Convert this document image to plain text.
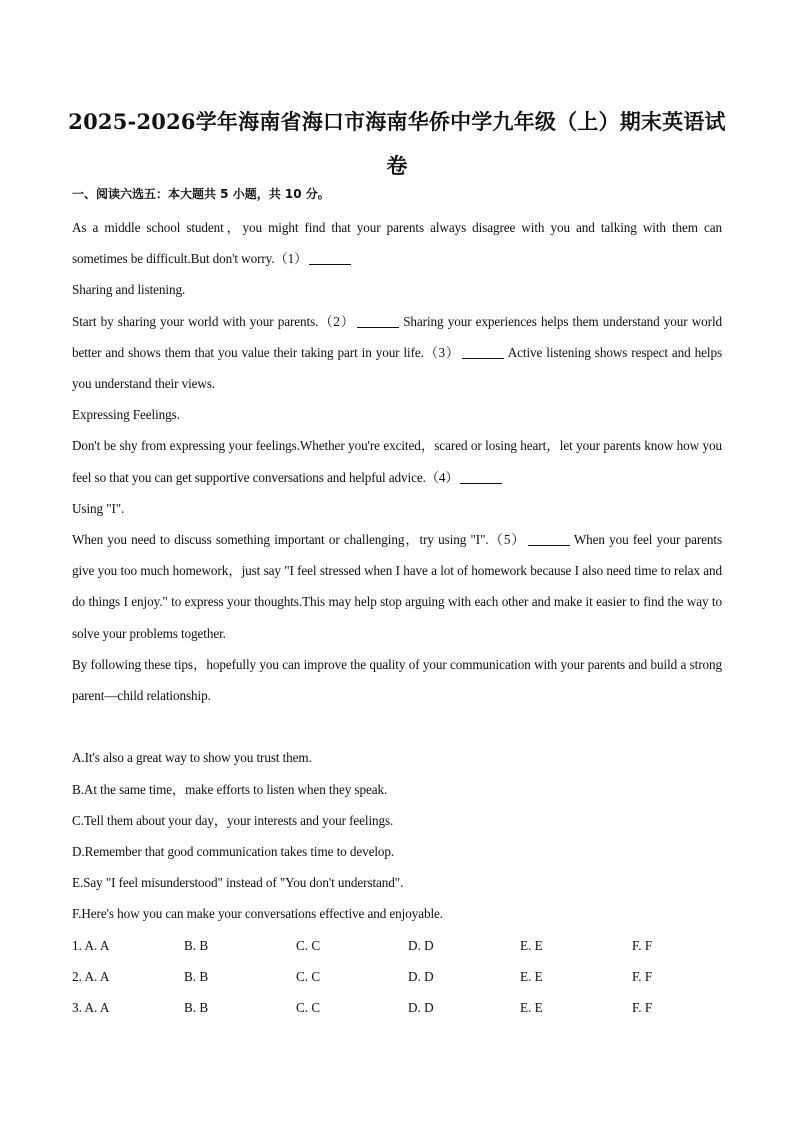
2025-2026学年海南省海口市海南华侨中学九年级（上）期末英语试
卷
一、阅读六选五：本大题共 5 小题，共 10 分。

As a middle school student，you might find that your parents always disagree with you and talking with them can sometimes be difficult.But don't worry.（1）

Sharing and listening.

Start by sharing your world with your parents.（2）	Sharing your experiences helps them understand your world better and shows them that you value their taking part in your life.（3）	Active listening shows respect and helps you understand their views.

Expressing Feelings.

Don't be shy from expressing your feelings.Whether you're excited，scared or losing heart，let your parents know how you feel so that you can get supportive conversations and helpful advice.（4）

Using "I".

When you need to discuss something important or challenging，try using "I".（5）	When you feel your parents give you too much homework，just say "I feel stressed when I have a lot of homework because I also need time to relax and do things I enjoy." to express your thoughts.This may help stop arguing with each other and make it easier to find the way to solve your problems together.

By following these tips，hopefully you can improve the quality of your communication with your parents and build a strong parent—child relationship.

A.It's also a great way to show you trust them.

B.At the same time，make efforts to listen when they speak.

C.Tell them about your day，your interests and your feelings.

D.Remember that good communication takes time to develop.

E.Say "I feel misunderstood" instead of "You don't understand".

F.Here's how you can make your conversations effective and enjoyable.

1. A. A	B. B	C. C	D. D	E. E	F. F
2. A. A	B. B	C. C	D. D	E. E	F. F
3. A. A	B. B	C. C	D. D	E. E	F. F
